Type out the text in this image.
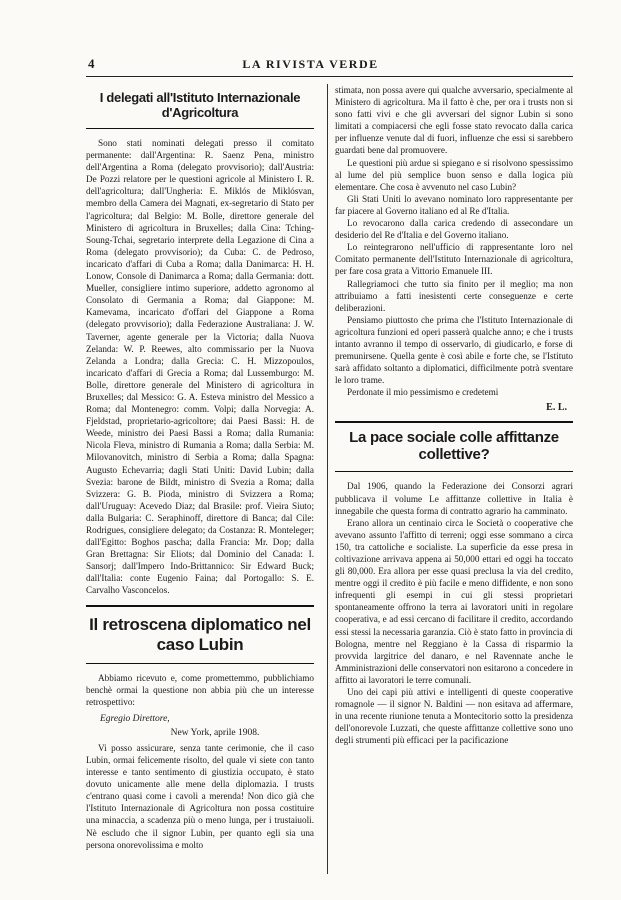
4	LA RIVISTA VERDE
I delegati all'Istituto Internazionale d'Agricoltura

Sono stati nominati delegati presso il comitato permanente: dall'Argentina: R. Saenz Pena, ministro dell'Argentina a Roma (delegato provvisorio); dall'Austria: De Pozzi relatore per le questioni agricole al Ministero I. R. dell'agricoltura; dall'Ungheria: E. Miklós de Miklósvan, membro della Camera dei Magnati, ex-segretario di Stato per l'agricoltura; dal Belgio: M. Bolle, direttore generale del Ministero di agricoltura in Bruxelles; dalla Cina: Tching-Soung-Tchai, segretario interprete della Legazione di Cina a Roma (delegato provvisorio); da Cuba: C. de Pedroso, incaricato d'affari di Cuba a Roma; dalla Danimarca: H. H. Lonow, Console di Danimarca a Roma; dalla Germania: dott. Mueller, consigliere intimo superiore, addetto agronomo al Consolato di Germania a Roma; dal Giappone: M. Kamevama, incaricato d'offari del Giappone a Roma (delegato provvisorio); dalla Federazione Australiana: J. W. Taverner, agente generale per la Victoria; dalla Nuova Zelanda: W. P. Reewes, alto commissario per la Nuova Zelanda a Londra; dalla Grecia: C. H. Mizzopoulos, incaricato d'affari di Grecia a Roma; dal Lussemburgo: M. Bolle, direttore generale del Ministero di agricoltura in Bruxelles; dal Messico: G. A. Esteva ministro del Messico a Roma; dal Montenegro: comm. Volpi; dalla Norvegia: A. Fjeldstad, proprietario-agricoltore; dai Paesi Bassi: H. de Weede, ministro dei Paesi Bassi a Roma; dalla Rumania: Nicola Fleva, ministro di Rumania a Roma; dalla Serbia: M. Milovanovitch, ministro di Serbia a Roma; dalla Spagna: Augusto Echevarria; dagli Stati Uniti: David Lubin; dalla Svezia: barone de Bildt, ministro di Svezia a Roma; dalla Svizzera: G. B. Pioda, ministro di Svizzera a Roma; dall'Uruguay: Acevedo Diaz; dal Brasile: prof. Vieira Siuto; dalla Bulgaria: C. Seraphinoff, direttore di Banca; dal Cile: Rodrigues, consigliere delegato; da Costanza: R. Monteleger; dall'Egitto: Boghos pascha; dalla Francia: Mr. Dop; dalla Gran Brettagna: Sir Eliots; dal Dominio del Canada: I. Sansorj; dall'Impero Indo-Brittannico: Sir Edward Buck; dall'Italia: conte Eugenio Faina; dal Portogallo: S. E. Carvalho Vasconcelos.

Il retroscena diplomatico nel caso Lubin

Abbiamo ricevuto e, come promettemmo, pubblichiamo benchè ormai la questione non abbia più che un interesse retrospettivo:

Egregio Direttore,
New York, aprile 1908.

Vi posso assicurare, senza tante cerimonie, che il caso Lubin, ormai felicemente risolto, del quale vi siete con tanto interesse e tanto sentimento di giustizia occupato, è stato dovuto unicamente alle mene della diplomazia. I trusts c'entrano quasi come i cavoli a merenda! Non dico già che l'Istituto Internazionale di Agricoltura non possa costituire una minaccia, a scadenza più o meno lunga, per i trustaiuoli. Nè escludo che il signor Lubin, per quanto egli sia una persona onorevolissima e molto

stimata, non possa avere qui qualche avversario, specialmente al Ministero di agricoltura. Ma il fatto è che, per ora i trusts non si sono fatti vivi e che gli avversari del signor Lubin si sono limitati a compiacersi che egli fosse stato revocato dalla carica per influenze venute dal di fuori, influenze che essi si sarebbero guardati bene dal promuovere.

Le questioni più ardue si spiegano e si risolvono spessissimo al lume del più semplice buon senso e dalla logica più elementare. Che cosa è avvenuto nel caso Lubin?

Gli Stati Uniti lo avevano nominato loro rappresentante per far piacere al Governo italiano ed al Re d'Italia.

Lo revocarono dalla carica credendo di assecondare un desiderio del Re d'Italia e del Governo italiano.

Lo reintegrarono nell'ufficio di rappresentante loro nel Comitato permanente dell'Istituto Internazionale di agricoltura, per fare cosa grata a Vittorio Emanuele III.

Rallegriamoci che tutto sia finito per il meglio; ma non attribuiamo a fatti inesistenti certe conseguenze e certe deliberazioni.

Pensiamo piuttosto che prima che l'Istituto Internazionale di agricoltura funzioni ed operi passerà qualche anno; e che i trusts intanto avranno il tempo di osservarlo, di giudicarlo, e forse di premunirsene. Quella gente è così abile e forte che, se l'Istituto sarà affidato soltanto a diplomatici, difficilmente potrà sventare le loro trame.

Perdonate il mio pessimismo e credetemi

E. L.
La pace sociale colle affittanze collettive?

Dal 1906, quando la Federazione dei Consorzi agrari pubblicava il volume Le affittanze collettive in Italia è innegabile che questa forma di contratto agrario ha camminato.

Erano allora un centinaio circa le Società o cooperative che avevano assunto l'affitto di terreni; oggi esse sommano a circa 150, tra cattoliche e socialiste. La superficie da esse presa in coltivazione arrivava appena ai 50,000 ettari ed oggi ha toccato gli 80,000. Era allora per esse quasi preclusa la via del credito, mentre oggi il credito è più facile e meno diffidente, e non sono infrequenti gli esempi in cui gli stessi proprietari spontaneamente offrono la terra ai lavoratori uniti in regolare cooperativa, e ad essi cercano di facilitare il credito, accordando essi stessi la necessaria garanzia. Ciò è stato fatto in provincia di Bologna, mentre nel Reggiano è la Cassa di risparmio la provvida largitrice del danaro, e nel Ravennate anche le Amministrazioni delle conservatori non esitarono a concedere in affitto ai lavoratori le terre comunali.

Uno dei capi più attivi e intelligenti di queste cooperative romagnole — il signor N. Baldini — non esitava ad affermare, in una recente riunione tenuta a Montecitorio sotto la presidenza dell'onorevole Luzzati, che queste affittanze collettive sono uno degli strumenti più efficaci per la pacificazione
